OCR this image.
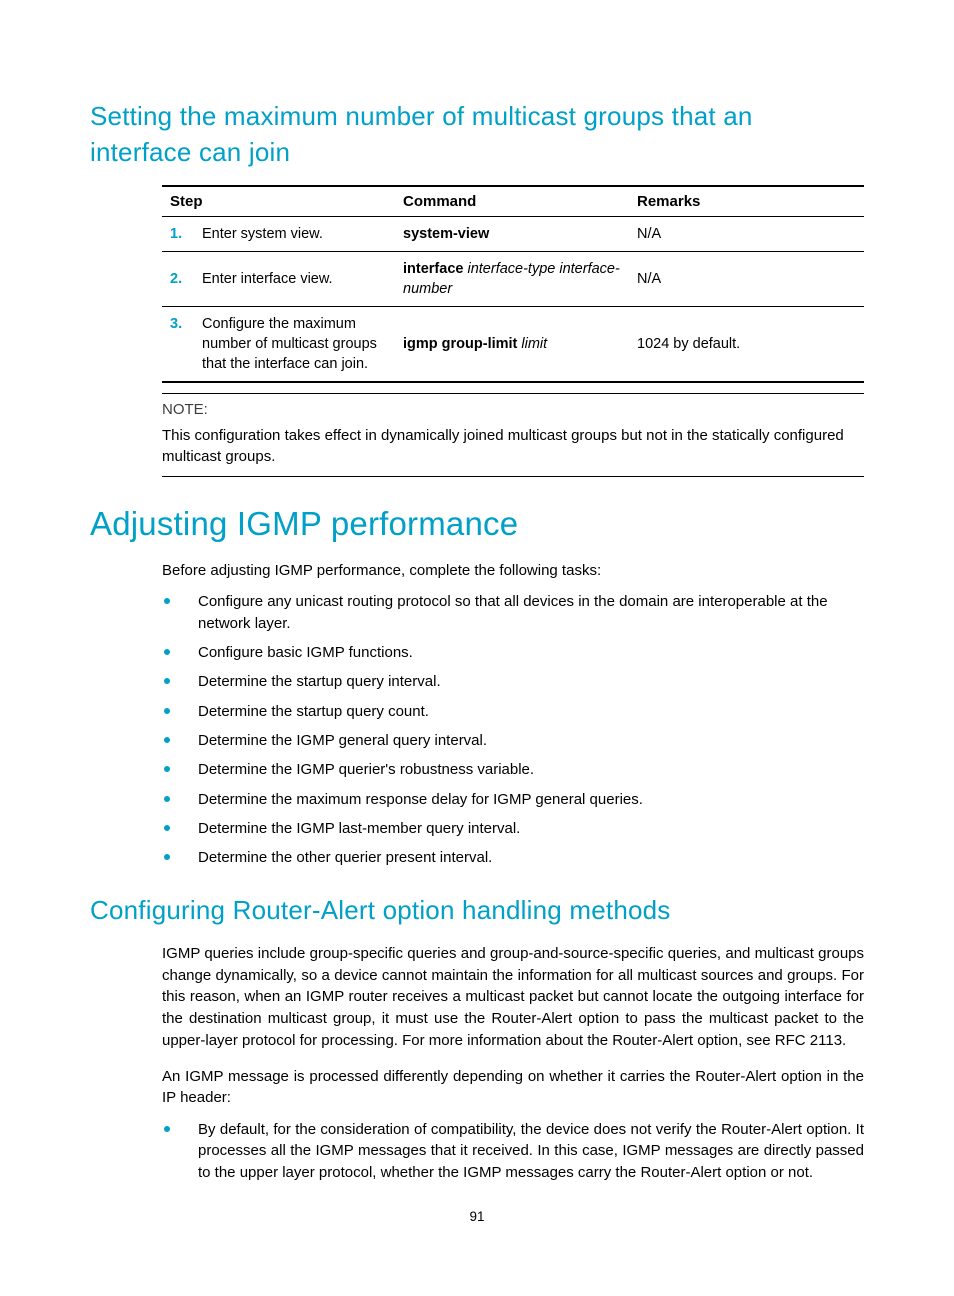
Setting the maximum number of multicast groups that an interface can join
Step	Command	Remarks

1. Enter system view.	system-view	N/A

2. Enter interface view.	interface interface-type interface-number	N/A

3. Configure the maximum number of multicast groups that the interface can join.	igmp group-limit limit	1024 by default.
NOTE:
This configuration takes effect in dynamically joined multicast groups but not in the statically configured multicast groups.
Adjusting IGMP performance

Before adjusting IGMP performance, complete the following tasks:

Configure any unicast routing protocol so that all devices in the domain are interoperable at the network layer.
Configure basic IGMP functions.
Determine the startup query interval.
Determine the startup query count.
Determine the IGMP general query interval.
Determine the IGMP querier's robustness variable.
Determine the maximum response delay for IGMP general queries.
Determine the IGMP last-member query interval.
Determine the other querier present interval.
Configuring Router-Alert option handling methods

IGMP queries include group-specific queries and group-and-source-specific queries, and multicast groups change dynamically, so a device cannot maintain the information for all multicast sources and groups. For this reason, when an IGMP router receives a multicast packet but cannot locate the outgoing interface for the destination multicast group, it must use the Router-Alert option to pass the multicast packet to the upper-layer protocol for processing. For more information about the Router-Alert option, see RFC 2113.

An IGMP message is processed differently depending on whether it carries the Router-Alert option in the IP header:

By default, for the consideration of compatibility, the device does not verify the Router-Alert option. It processes all the IGMP messages that it received. In this case, IGMP messages are directly passed to the upper layer protocol, whether the IGMP messages carry the Router-Alert option or not.
91
